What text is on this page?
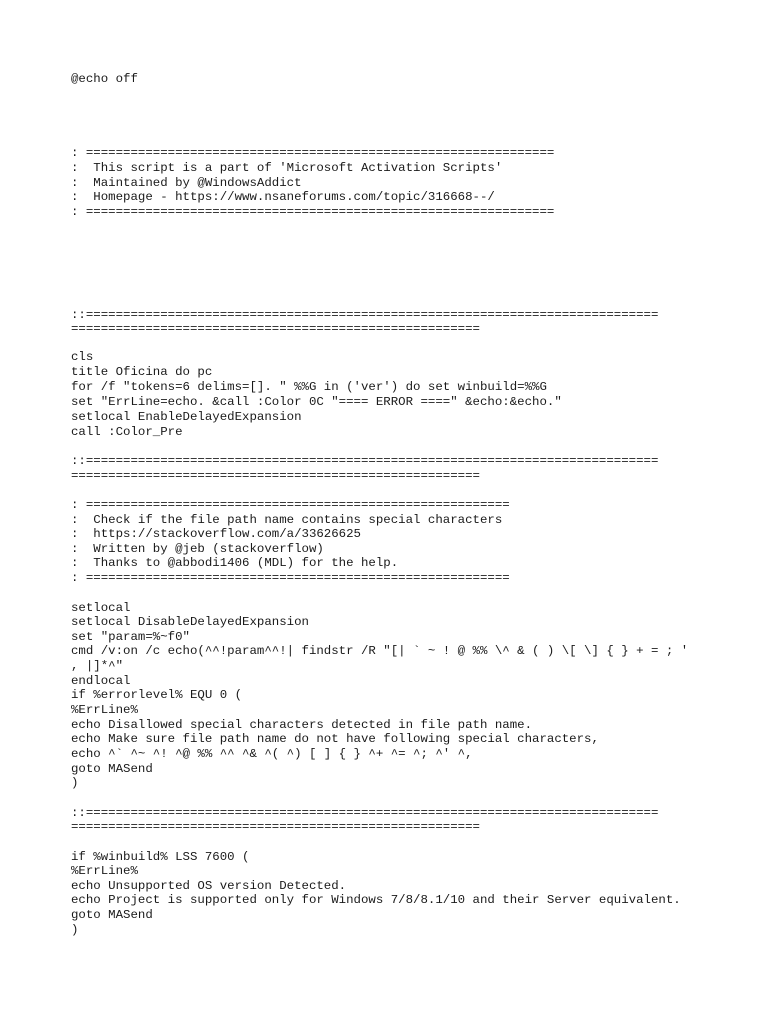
@echo off
: ===============================================================
:  This script is a part of 'Microsoft Activation Scripts'
:  Maintained by @WindowsAddict
:  Homepage - https://www.nsaneforums.com/topic/316668--/
: ===============================================================
::=============================================================================
=======================================================
cls
title Oficina do pc
for /f "tokens=6 delims=[]. " %%G in ('ver') do set winbuild=%%G
set "ErrLine=echo. &call :Color 0C "==== ERROR ====" &echo:&echo."
setlocal EnableDelayedExpansion
call :Color_Pre
::=============================================================================
=======================================================
: =========================================================
:  Check if the file path name contains special characters
:  https://stackoverflow.com/a/33626625
:  Written by @jeb (stackoverflow)
:  Thanks to @abbodi1406 (MDL) for the help.
: =========================================================
setlocal
setlocal DisableDelayedExpansion
set "param=%~f0"
cmd /v:on /c echo(^^!param^^!| findstr /R "[| ` ~ ! @ %% \^ & ( ) \[ \] { } + = ; '
, |]*^"
endlocal
if %errorlevel% EQU 0 (
%ErrLine%
echo Disallowed special characters detected in file path name.
echo Make sure file path name do not have following special characters,
echo ^` ^~ ^! ^@ %% ^^ ^& ^( ^) [ ] { } ^+ ^= ^; ^' ^,
goto MASend
)
::=============================================================================
=======================================================
if %winbuild% LSS 7600 (
%ErrLine%
echo Unsupported OS version Detected.
echo Project is supported only for Windows 7/8/8.1/10 and their Server equivalent.
goto MASend
)
